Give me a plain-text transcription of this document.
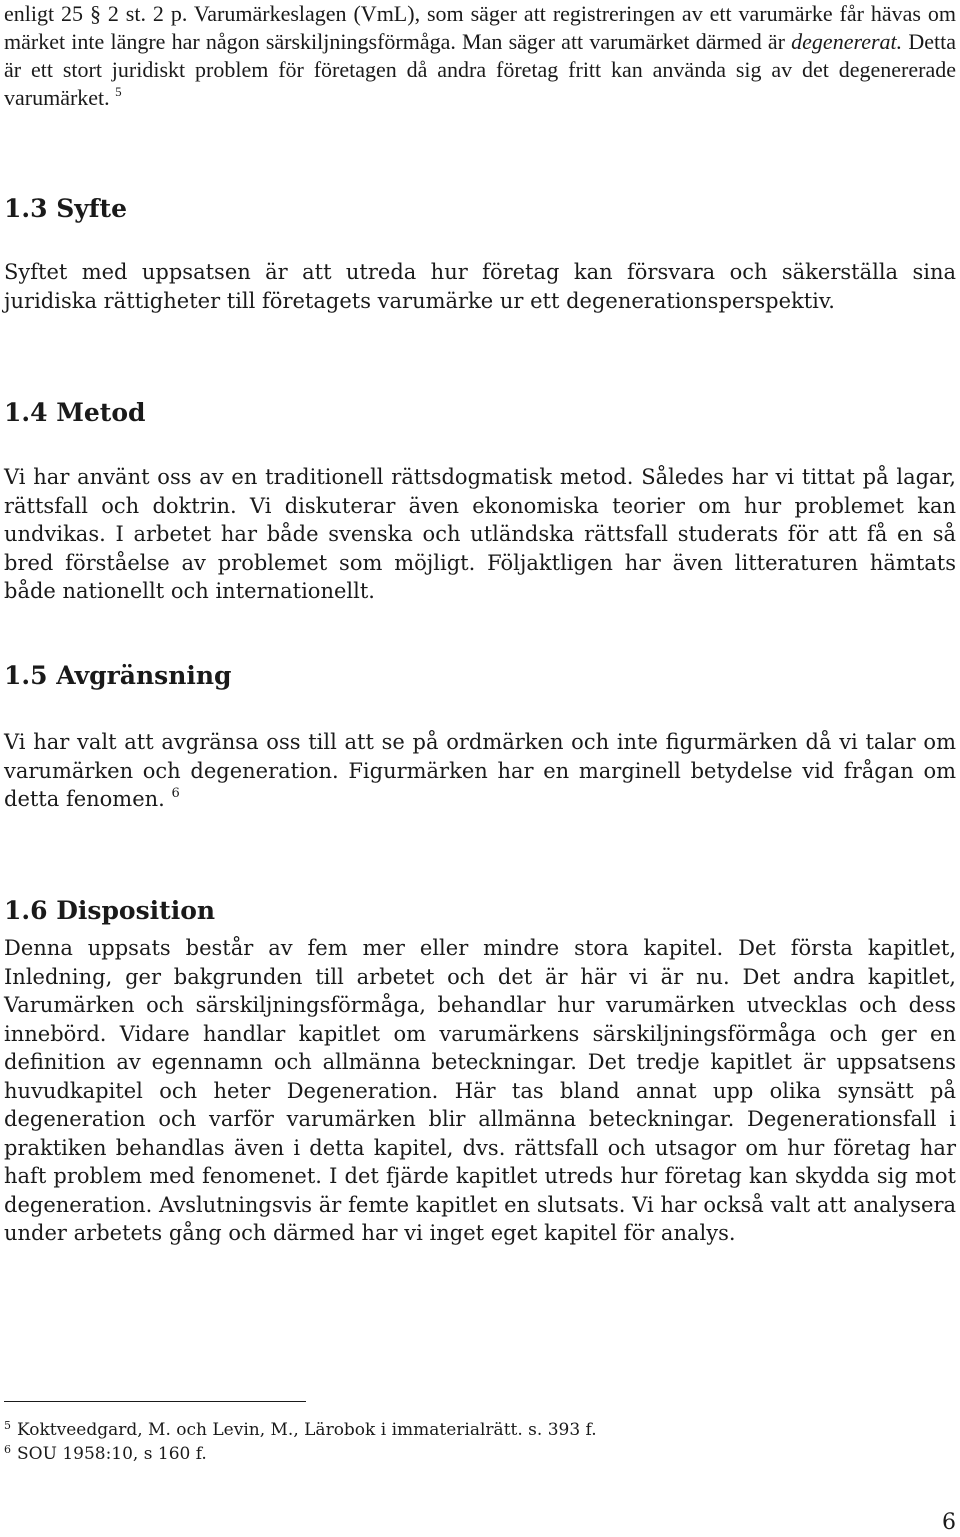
enligt 25 § 2 st. 2 p. Varumärkeslagen (VmL), som säger att registreringen av ett varumärke får hävas om märket inte längre har någon särskiljningsförmåga. Man säger att varumärket därmed är degenererat. Detta är ett stort juridiskt problem för företagen då andra företag fritt kan använda sig av det degenererade varumärket. $^5$

1.3 Syfte

Syftet med uppsatsen är att utreda hur företag kan försvara och säkerställa sina juridiska rättigheter till företagets varumärke ur ett degenerationsperspektiv.

1.4 Metod

Vi har använt oss av en traditionell rättsdogmatisk metod. Således har vi tittat på lagar, rättsfall och doktrin. Vi diskuterar även ekonomiska teorier om hur problemet kan undvikas. I arbetet har både svenska och utländska rättsfall studerats för att få en så bred förståelse av problemet som möjligt. Följaktligen har även litteraturen hämtats både nationellt och internationellt.

1.5 Avgränsning

Vi har valt att avgränsa oss till att se på ordmärken och inte figurmärken då vi talar om varumärken och degeneration. Figurmärken har en marginell betydelse vid frågan om detta fenomen. $^6$

1.6 Disposition

Denna uppsats består av fem mer eller mindre stora kapitel. Det första kapitlet, Inledning, ger bakgrunden till arbetet och det är här vi är nu. Det andra kapitlet, Varumärken och särskiljningsförmåga, behandlar hur varumärken utvecklas och dess innebörd. Vidare handlar kapitlet om varumärkens särskiljningsförmåga och ger en definition av egennamn och allmänna beteckningar. Det tredje kapitlet är uppsatsens huvudkapitel och heter Degeneration. Här tas bland annat upp olika synsätt på degeneration och varför varumärken blir allmänna beteckningar. Degenerationsfall i praktiken behandlas även i detta kapitel, dvs. rättsfall och utsagor om hur företag har haft problem med fenomenet. I det fjärde kapitlet utreds hur företag kan skydda sig mot degeneration. Avslutningsvis är femte kapitlet en slutsats. Vi har också valt att analysera under arbetets gång och därmed har vi inget eget kapitel för analys.

$^5$ Koktveedgard, M. och Levin, M., Lärobok i immaterialrätt. s. 393 f.

$^6$ SOU 1958:10, s 160 f.

6
